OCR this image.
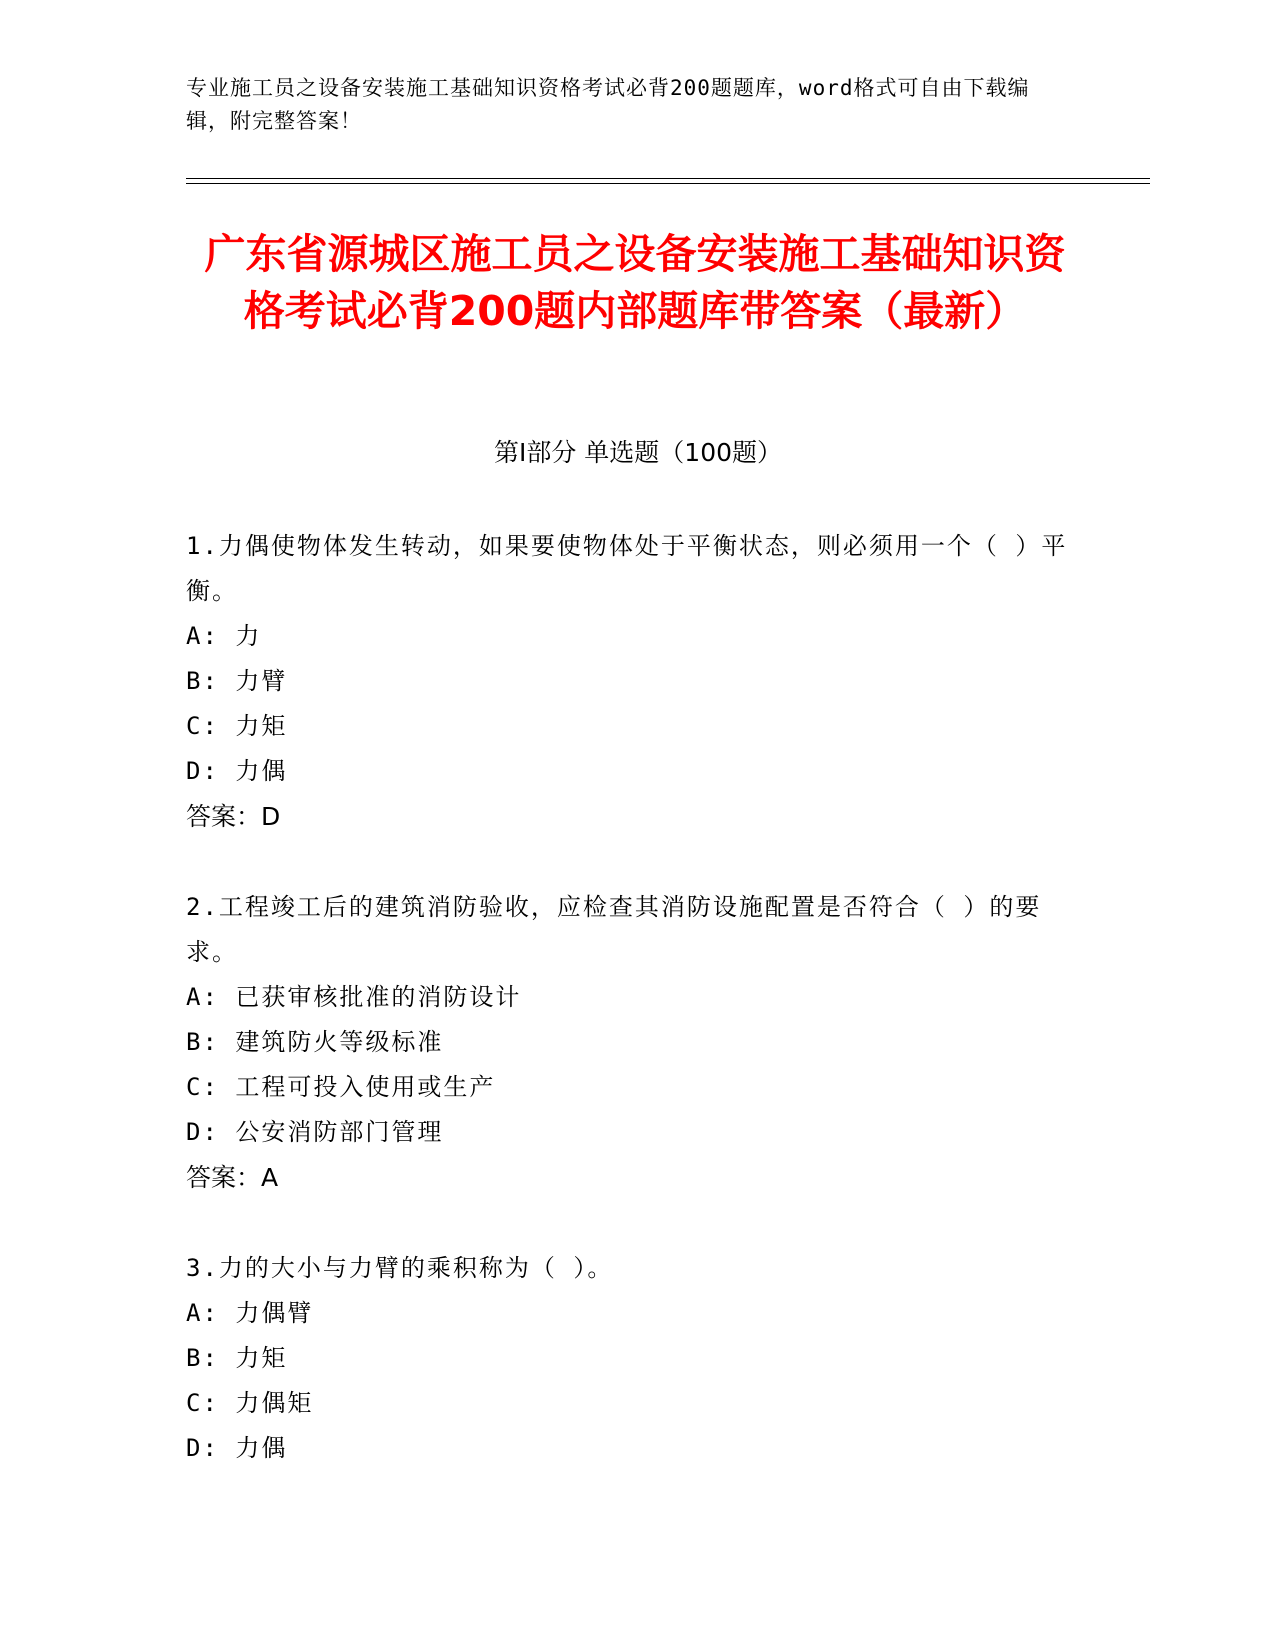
专业施工员之设备安装施工基础知识资格考试必背200题题库，word格式可自由下载编辑，附完整答案！
广东省源城区施工员之设备安装施工基础知识资格考试必背200题内部题库带答案（最新）
第Ⅰ部分 单选题（100题）
1.力偶使物体发生转动，如果要使物体处于平衡状态，则必须用一个（ ）平衡。
A: 力
B: 力臂
C: 力矩
D: 力偶
答案：D
2.工程竣工后的建筑消防验收，应检查其消防设施配置是否符合（ ）的要求。
A: 已获审核批准的消防设计
B: 建筑防火等级标准
C: 工程可投入使用或生产
D: 公安消防部门管理
答案：A
3.力的大小与力臂的乘积称为（ ）。
A: 力偶臂
B: 力矩
C: 力偶矩
D: 力偶
